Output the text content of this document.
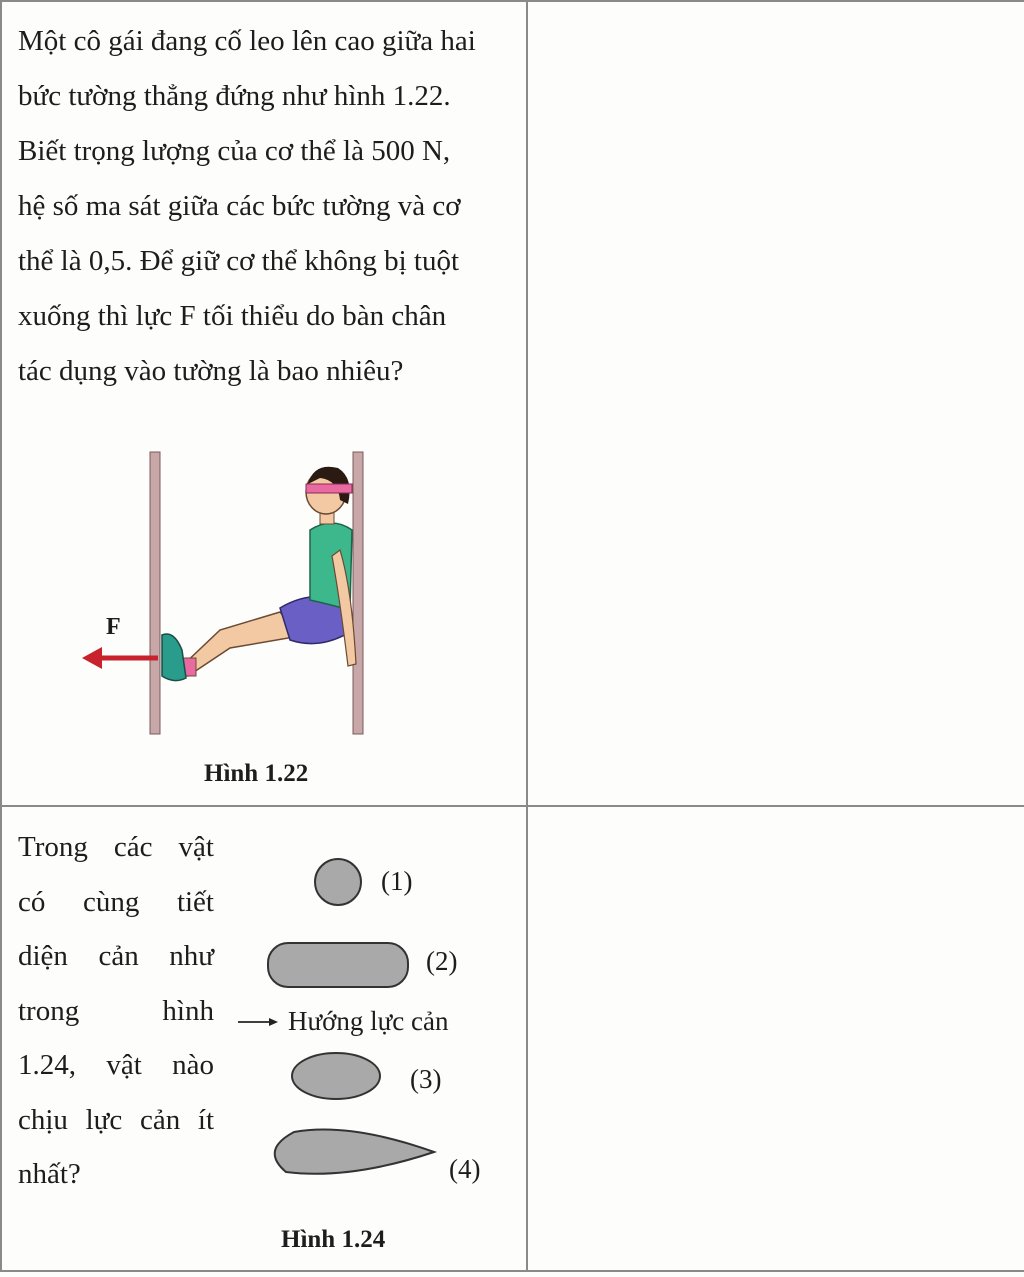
Một cô gái đang cố leo lên cao giữa hai
bức tường thẳng đứng như hình 1.22.
Biết trọng lượng của cơ thể là 500 N,
hệ số ma sát giữa các bức tường và cơ
thể là 0,5. Để giữ cơ thể không bị tuột
xuống thì lực F tối thiểu do bàn chân
tác dụng vào tường là bao nhiêu?
F
Hình 1.22
Trong các vật
có cùng tiết
diện cản như
trong hình
1.24, vật nào
chịu lực cản ít
nhất?
(1)
(2)
Hướng lực cản
(3)
(4)
Hình 1.24
